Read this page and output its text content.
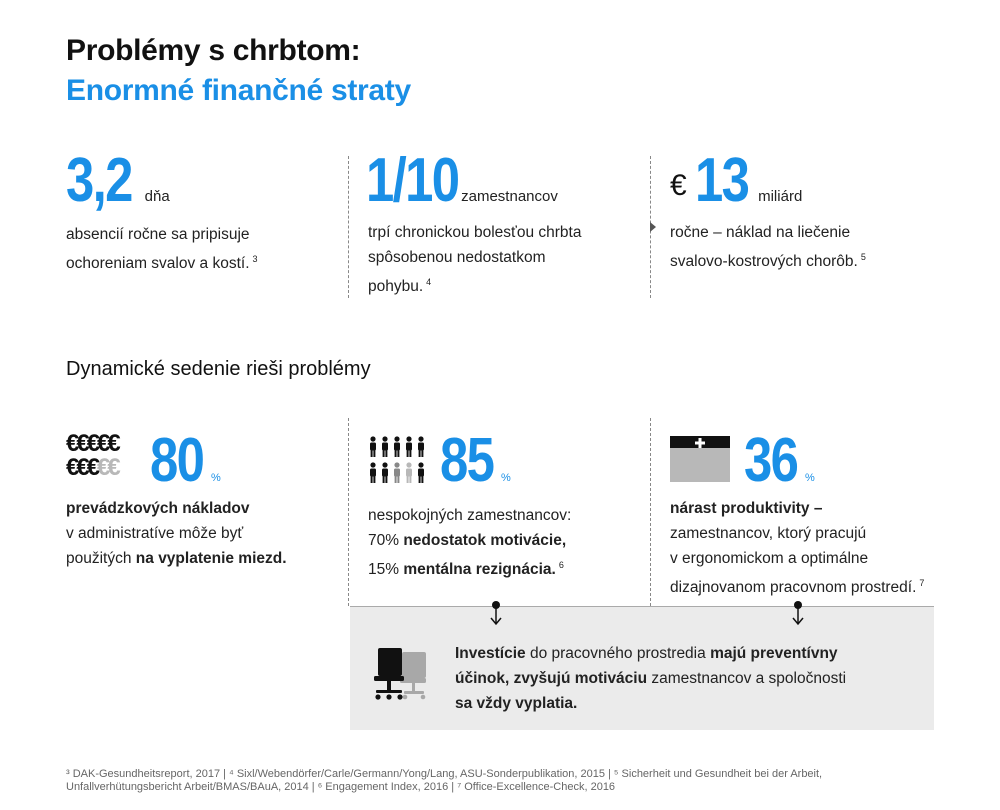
Problémy s chrbtom:
Enormné finančné straty
3,2 dňa
absencií ročne sa pripisuje
ochoreniam svalov a kostí. $^3$
1/10 zamestnancov
trpí chronickou bolesťou chrbta
spôsobenou nedostatkom
pohybu. $^4$
€ 13 miliárd
ročne – náklad na liečenie
svalovo-kostrových chorôb. $^5$
Dynamické sedenie rieši problémy
€€€€€
€€€€€ 80 %
prevádzkových nákladov
v administratíve môže byť
použitých na vyplatenie miezd.
85 %
nespokojných zamestnancov:
70% nedostatok motivácie,
15% mentálna rezignácia. $^6$
36 %
nárast produktivity –
zamestnancov, ktorý pracujú
v ergonomickom a optimálne
dizajnovanom pracovnom prostredí. $^7$
Investície do pracovného prostredia majú preventívny
účinok, zvyšujú motiváciu zamestnancov a spoločnosti
sa vždy vyplatia.
³ DAK-Gesundheitsreport, 2017 | ⁴ Sixl/Webendörfer/Carle/Germann/Yong/Lang, ASU-Sonderpublikation, 2015 | ⁵ Sicherheit und Gesundheit bei der Arbeit,
Unfallverhütungsbericht Arbeit/BMAS/BAuA, 2014 | ⁶ Engagement Index, 2016 | ⁷ Office-Excellence-Check, 2016
